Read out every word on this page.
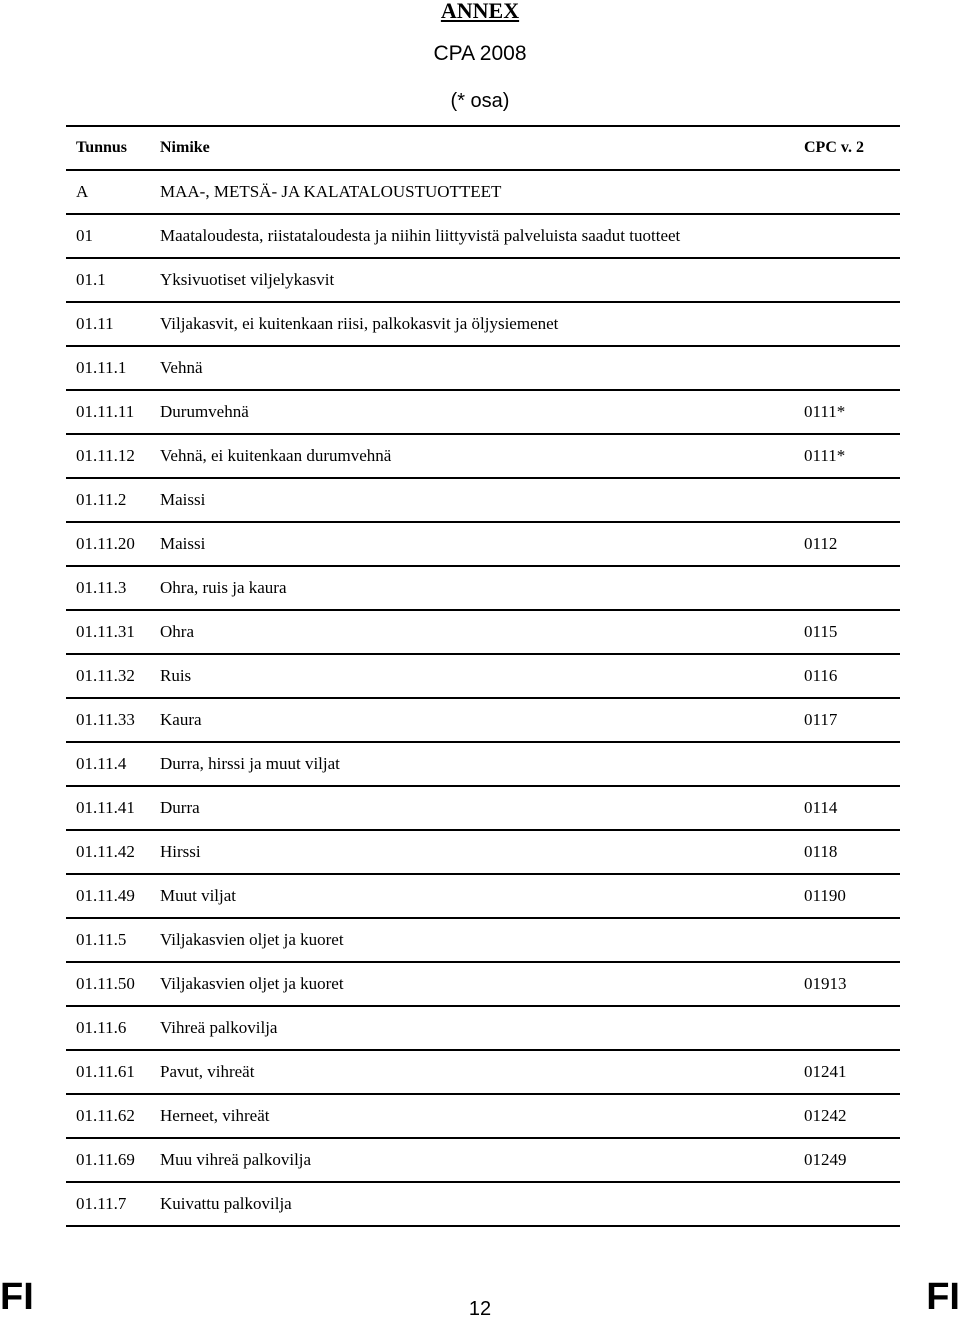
ANNEX
CPA 2008
(* osa)
Tunnus	Nimike	CPC v. 2
A	MAA-, METSÄ- JA KALATALOUSTUOTTEET	
01	Maataloudesta, riistataloudesta ja niihin liittyvistä palveluista saadut tuotteet	
01.1	Yksivuotiset viljelykasvit	
01.11	Viljakasvit, ei kuitenkaan riisi, palkokasvit ja öljysiemenet	
01.11.1	Vehnä	
01.11.11	Durumvehnä	0111*
01.11.12	Vehnä, ei kuitenkaan durumvehnä	0111*
01.11.2	Maissi	
01.11.20	Maissi	0112
01.11.3	Ohra, ruis ja kaura	
01.11.31	Ohra	0115
01.11.32	Ruis	0116
01.11.33	Kaura	0117
01.11.4	Durra, hirssi ja muut viljat	
01.11.41	Durra	0114
01.11.42	Hirssi	0118
01.11.49	Muut viljat	01190
01.11.5	Viljakasvien oljet ja kuoret	
01.11.50	Viljakasvien oljet ja kuoret	01913
01.11.6	Vihreä palkovilja	
01.11.61	Pavut, vihreät	01241
01.11.62	Herneet, vihreät	01242
01.11.69	Muu vihreä palkovilja	01249
01.11.7	Kuivattu palkovilja	
FI	12	FI
